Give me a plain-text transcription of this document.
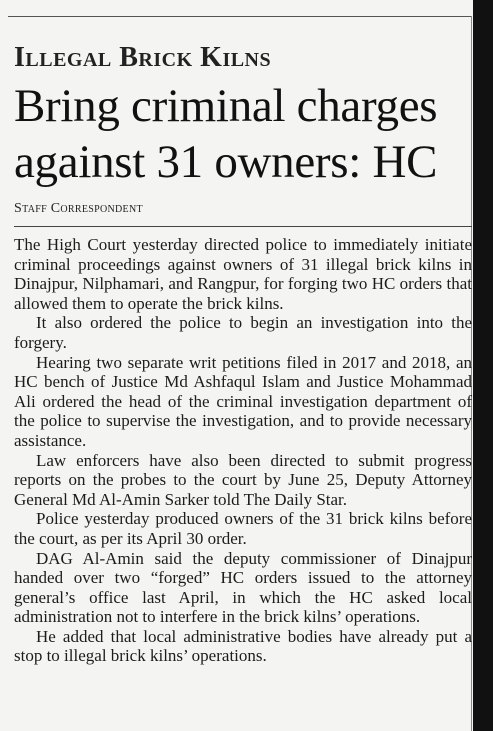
Illegal Brick Kilns
Bring criminal charges against 31 owners: HC
Staff Correspondent

The High Court yesterday directed police to immediately initiate criminal proceedings against owners of 31 illegal brick kilns in Dinajpur, Nilphamari, and Rangpur, for forging two HC orders that allowed them to operate the brick kilns.

It also ordered the police to begin an investigation into the forgery.

Hearing two separate writ petitions filed in 2017 and 2018, an HC bench of Justice Md Ashfaqul Islam and Justice Mohammad Ali ordered the head of the criminal investigation department of the police to supervise the investigation, and to provide necessary assistance.

Law enforcers have also been directed to submit progress reports on the probes to the court by June 25, Deputy Attorney General Md Al-Amin Sarker told The Daily Star.

Police yesterday produced owners of the 31 brick kilns before the court, as per its April 30 order.

DAG Al-Amin said the deputy commissioner of Dinajpur handed over two “forged” HC orders issued to the attorney general’s office last April, in which the HC asked local administration not to interfere in the brick kilns’ operations.

He added that local administrative bodies have already put a stop to illegal brick kilns’ operations.
